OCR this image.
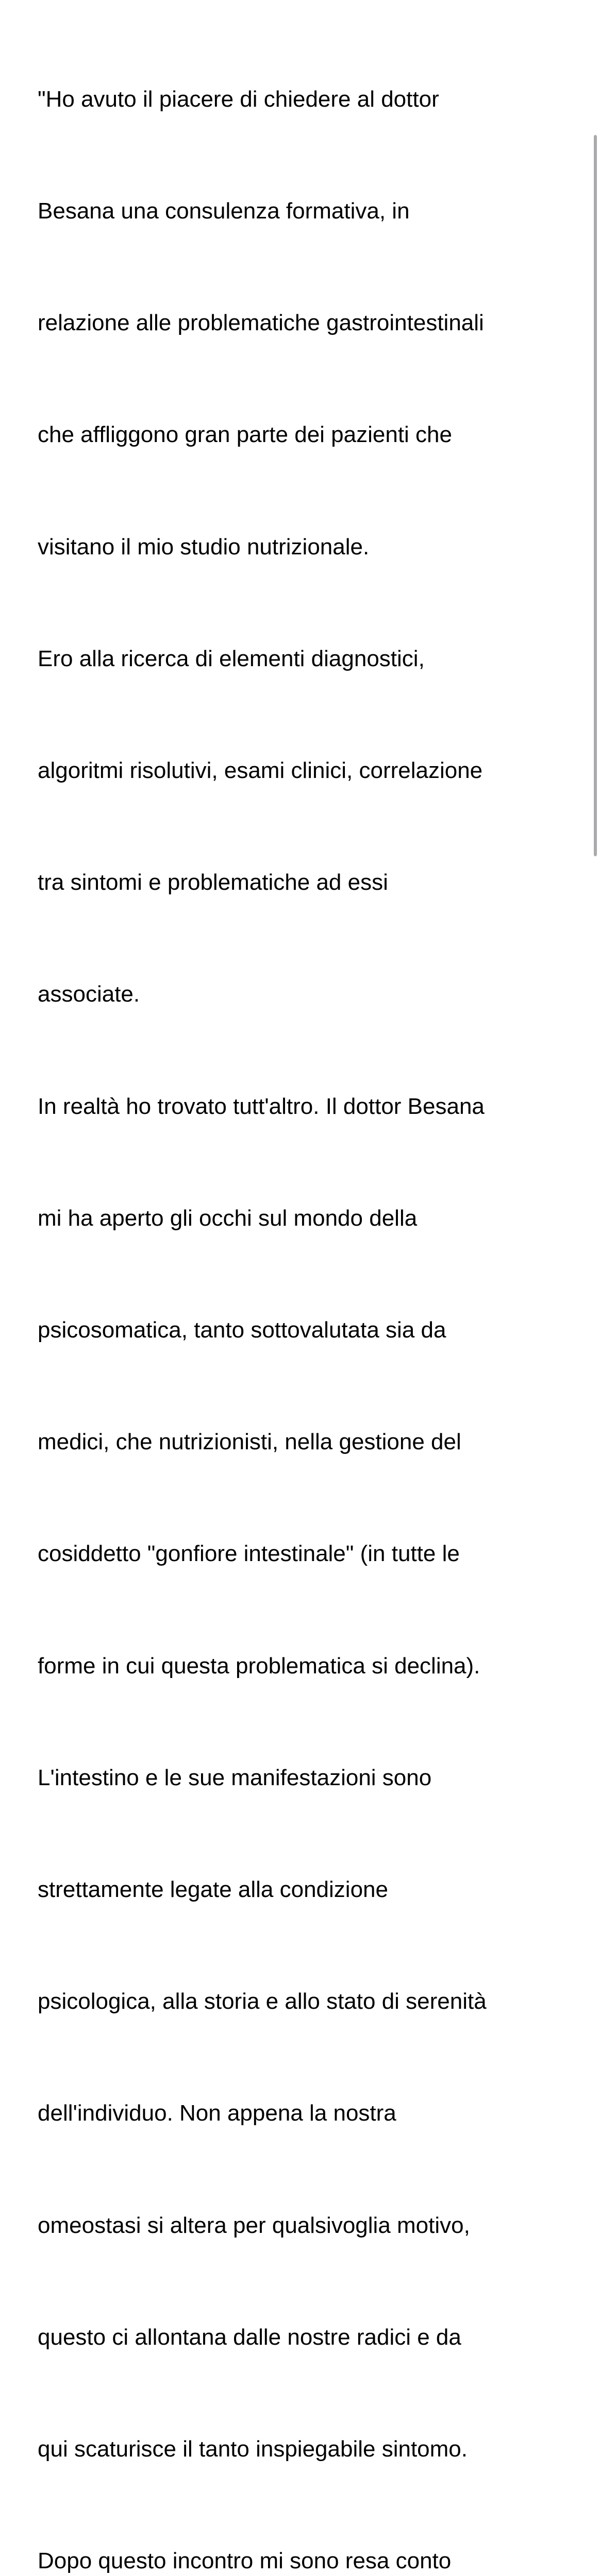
"Ho avuto il piacere di chiedere al dottor

Besana una consulenza formativa, in

relazione alle problematiche gastrointestinali

che affliggono gran parte dei pazienti che

visitano il mio studio nutrizionale.

Ero alla ricerca di elementi diagnostici,

algoritmi risolutivi, esami clinici, correlazione

tra sintomi e problematiche ad essi

associate.

In realtà ho trovato tutt'altro. Il dottor Besana

mi ha aperto gli occhi sul mondo della

psicosomatica, tanto sottovalutata sia da

medici, che nutrizionisti, nella gestione del

cosiddetto "gonfiore intestinale" (in tutte le

forme in cui questa problematica si declina).

L'intestino e le sue manifestazioni sono

strettamente legate alla condizione

psicologica, alla storia e allo stato di serenità

dell'individuo. Non appena la nostra

omeostasi si altera per qualsivoglia motivo,

questo ci allontana dalle nostre radici e da

qui scaturisce il tanto inspiegabile sintomo.

Dopo questo incontro mi sono resa conto
